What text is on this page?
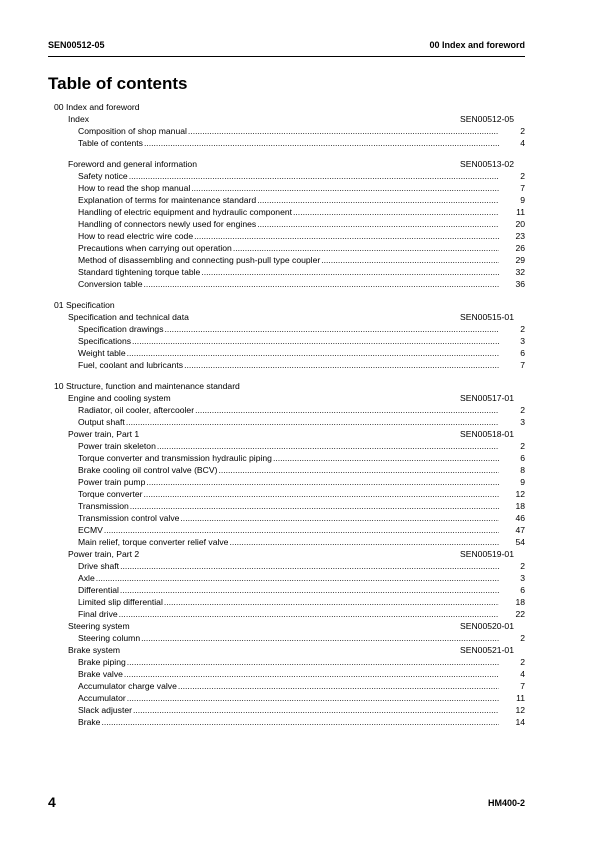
SEN00512-05	00 Index and foreword
Table of contents
00 Index and foreword
Index	SEN00512-05
Composition of shop manual .....	2
Table of contents .....	4
Foreword and general information	SEN00513-02
Safety notice .....	2
How to read the shop manual .....	7
Explanation of terms for maintenance standard .....	9
Handling of electric equipment and hydraulic component .....	11
Handling of connectors newly used for engines .....	20
How to read electric wire code .....	23
Precautions when carrying out operation .....	26
Method of disassembling and connecting push-pull type coupler .....	29
Standard tightening torque table .....	32
Conversion table .....	36
01 Specification
Specification and technical data	SEN00515-01
Specification drawings .....	2
Specifications .....	3
Weight table .....	6
Fuel, coolant and lubricants .....	7
10 Structure, function and maintenance standard
Engine and cooling system	SEN00517-01
Radiator, oil cooler, aftercooler .....	2
Output shaft .....	3
Power train, Part 1	SEN00518-01
Power train skeleton .....	2
Torque converter and transmission hydraulic piping .....	6
Brake cooling oil control valve (BCV) .....	8
Power train pump .....	9
Torque converter .....	12
Transmission .....	18
Transmission control valve .....	46
ECMV .....	47
Main relief, torque converter relief valve .....	54
Power train, Part 2	SEN00519-01
Drive shaft .....	2
Axle .....	3
Differential .....	6
Limited slip differential .....	18
Final drive .....	22
Steering system	SEN00520-01
Steering column .....	2
Brake system	SEN00521-01
Brake piping .....	2
Brake valve .....	4
Accumulator charge valve .....	7
Accumulator .....	11
Slack adjuster .....	12
Brake .....	14
4	HM400-2
